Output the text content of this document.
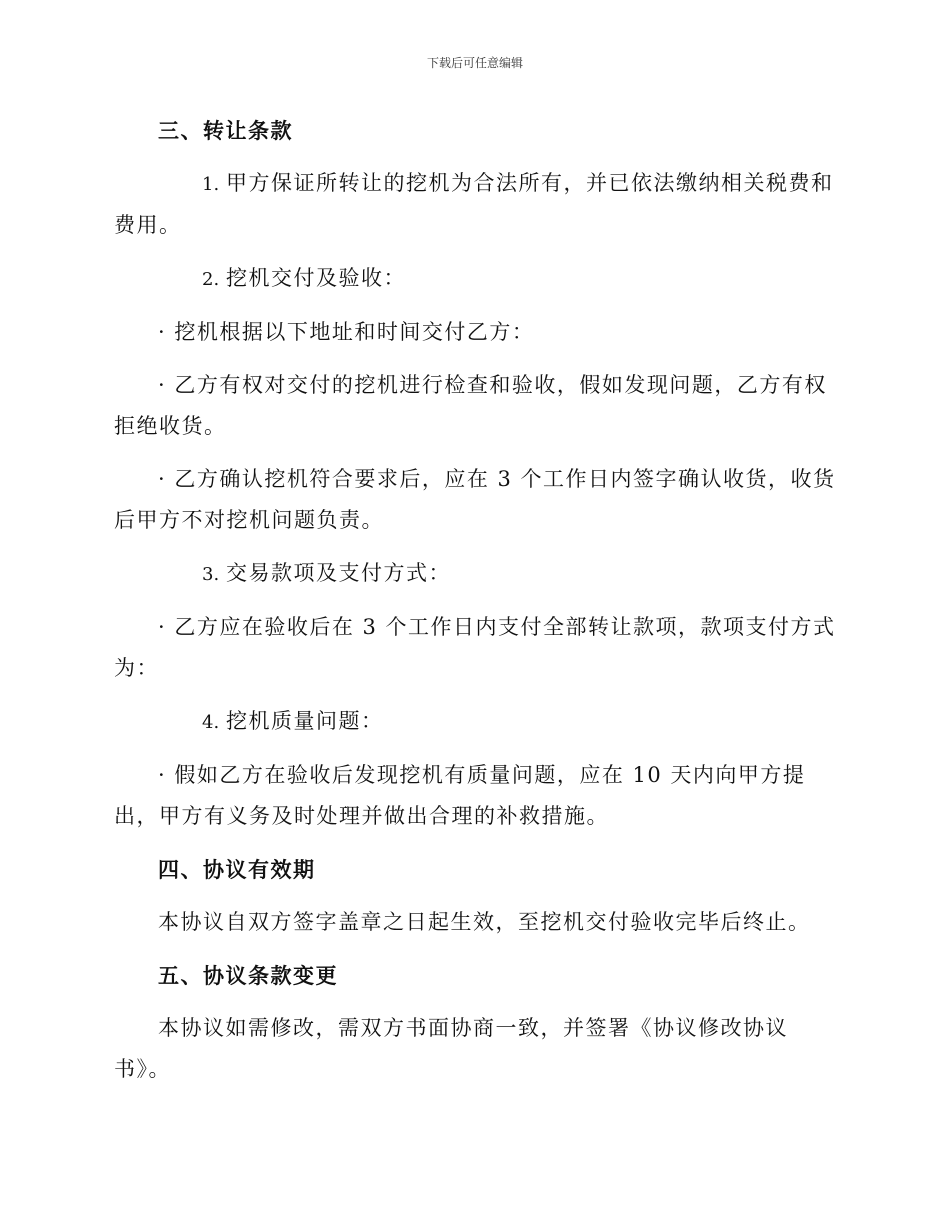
下载后可任意编辑
三、转让条款
1. 甲方保证所转让的挖机为合法所有，并已依法缴纳相关税费和费用。
2. 挖机交付及验收：
· 挖机根据以下地址和时间交付乙方：
· 乙方有权对交付的挖机进行检查和验收，假如发现问题，乙方有权拒绝收货。
· 乙方确认挖机符合要求后，应在 3 个工作日内签字确认收货，收货后甲方不对挖机问题负责。
3. 交易款项及支付方式：
· 乙方应在验收后在 3 个工作日内支付全部转让款项，款项支付方式为：
4. 挖机质量问题：
· 假如乙方在验收后发现挖机有质量问题，应在 10 天内向甲方提出，甲方有义务及时处理并做出合理的补救措施。
四、协议有效期
本协议自双方签字盖章之日起生效，至挖机交付验收完毕后终止。
五、协议条款变更
本协议如需修改，需双方书面协商一致，并签署《协议修改协议书》。
